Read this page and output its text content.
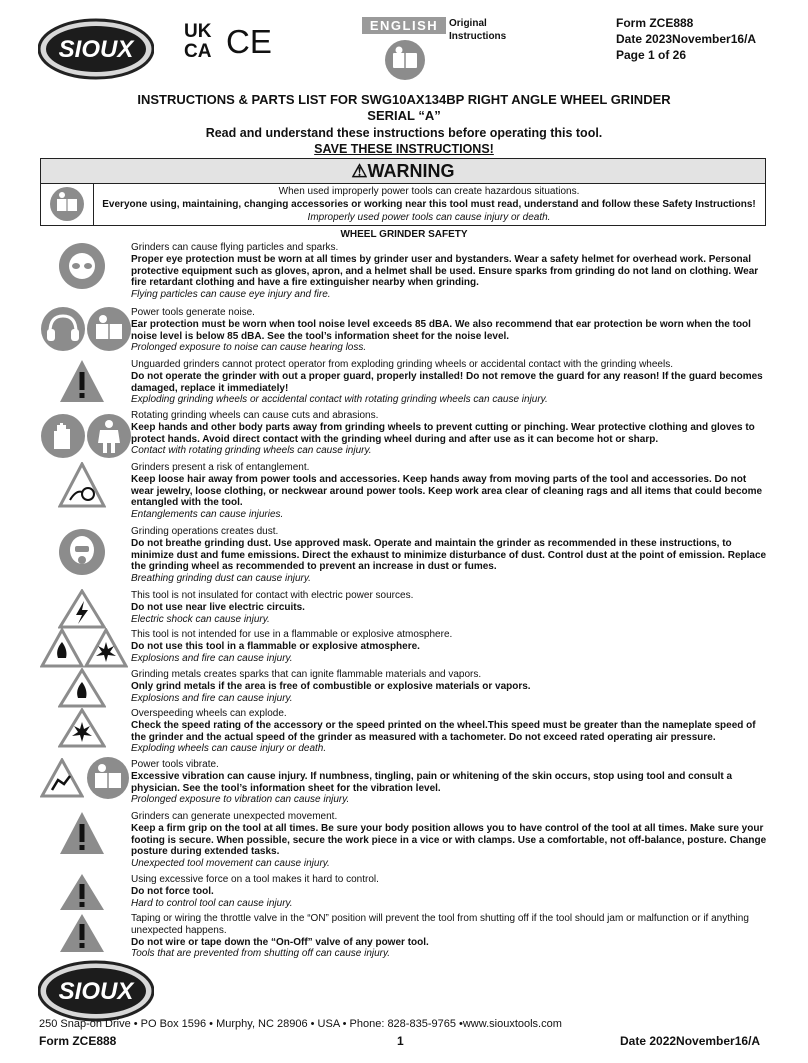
SIOUX
UK
CA CE	ENGLISH	Original
Instructions
Form ZCE888
Date 2023November16/A
Page 1 of 26
INSTRUCTIONS & PARTS LIST FOR SWG10AX134BP RIGHT ANGLE WHEEL GRINDER
SERIAL “A”
Read and understand these instructions before operating this tool.
SAVE THESE INSTRUCTIONS!
⚠WARNING
When used improperly power tools can create hazardous situations.
Everyone using, maintaining, changing accessories or working near this tool must read, understand and follow these Safety Instructions!
Improperly used power tools can cause injury or death.
WHEEL GRINDER SAFETY
Grinders can cause flying particles and sparks.
Proper eye protection must be worn at all times by grinder user and bystanders. Wear a safety helmet for overhead work. Personal protective equipment such as gloves, apron, and a helmet shall be used. Ensure sparks from grinding do not land on clothing. Wear fire retardant clothing and have a fire extinguisher nearby when grinding.
Flying particles can cause eye injury and fire.
Power tools generate noise.
Ear protection must be worn when tool noise level exceeds 85 dBA. We also recommend that ear protection be worn when the tool noise level is below 85 dBA. See the tool’s information sheet for the noise level.
Prolonged exposure to noise can cause hearing loss.
Unguarded grinders cannot protect operator from exploding grinding wheels or accidental contact with the grinding wheels.
Do not operate the grinder with out a proper guard, properly installed! Do not remove the guard for any reason! If the guard becomes damaged, replace it immediately!
Exploding grinding wheels or accidental contact with rotating grinding wheels can cause injury.
Rotating grinding wheels can cause cuts and abrasions.
Keep hands and other body parts away from grinding wheels to prevent cutting or pinching. Wear protective clothing and gloves to protect hands. Avoid direct contact with the grinding wheel during and after use as it can become hot or sharp.
Contact with rotating grinding wheels can cause injury.
Grinders present a risk of entanglement.
Keep loose hair away from power tools and accessories. Keep hands away from moving parts of the tool and accessories. Do not wear jewelry, loose clothing, or neckwear around power tools. Keep work area clear of cleaning rags and all items that could become entangled with the tool.
Entanglements can cause injuries.
Grinding operations creates dust.
Do not breathe grinding dust. Use approved mask. Operate and maintain the grinder as recommended in these instructions, to minimize dust and fume emissions. Direct the exhaust to minimize disturbance of dust. Control dust at the point of emission. Replace the grinding wheel as recommended to prevent an increase in dust or fumes.
Breathing grinding dust can cause injury.
This tool is not insulated for contact with electric power sources.
Do not use near live electric circuits.
Electric shock can cause injury.
This tool is not intended for use in a flammable or explosive atmosphere.
Do not use this tool in a flammable or explosive atmosphere.
Explosions and fire can cause injury.
Grinding metals creates sparks that can ignite flammable materials and vapors.
Only grind metals if the area is free of combustible or explosive materials or vapors.
Explosions and fire can cause injury.
Overspeeding wheels can explode.
Check the speed rating of the accessory or the speed printed on the wheel.This speed must be greater than the nameplate speed of the grinder and the actual speed of the grinder as measured with a tachometer. Do not exceed rated operating air pressure.
Exploding wheels can cause injury or death.
Power tools vibrate.
Excessive vibration can cause injury. If numbness, tingling, pain or whitening of the skin occurs, stop using tool and consult a physician. See the tool’s information sheet for the vibration level.
Prolonged exposure to vibration can cause injury.
Grinders can generate unexpected movement.
Keep a firm grip on the tool at all times. Be sure your body position allows you to have control of the tool at all times. Make sure your footing is secure. When possible, secure the work piece in a vice or with clamps. Use a comfortable, not off-balance, posture. Change posture during extended tasks.
Unexpected tool movement can cause injury.
Using excessive force on a tool makes it hard to control.
Do not force tool.
Hard to control tool can cause injury.
Taping or wiring the throttle valve in the “ON” position will prevent the tool from shutting off if the tool should jam or malfunction or if anything unexpected happens.
Do not wire or tape down the “On-Off” valve of any power tool.
Tools that are prevented from shutting off can cause injury.
SIOUX
250 Snap-on Drive • PO Box 1596 • Murphy, NC 28906 • USA • Phone: 828-835-9765 •www.siouxtools.com
Form ZCE888	1	Date 2022November16/A
